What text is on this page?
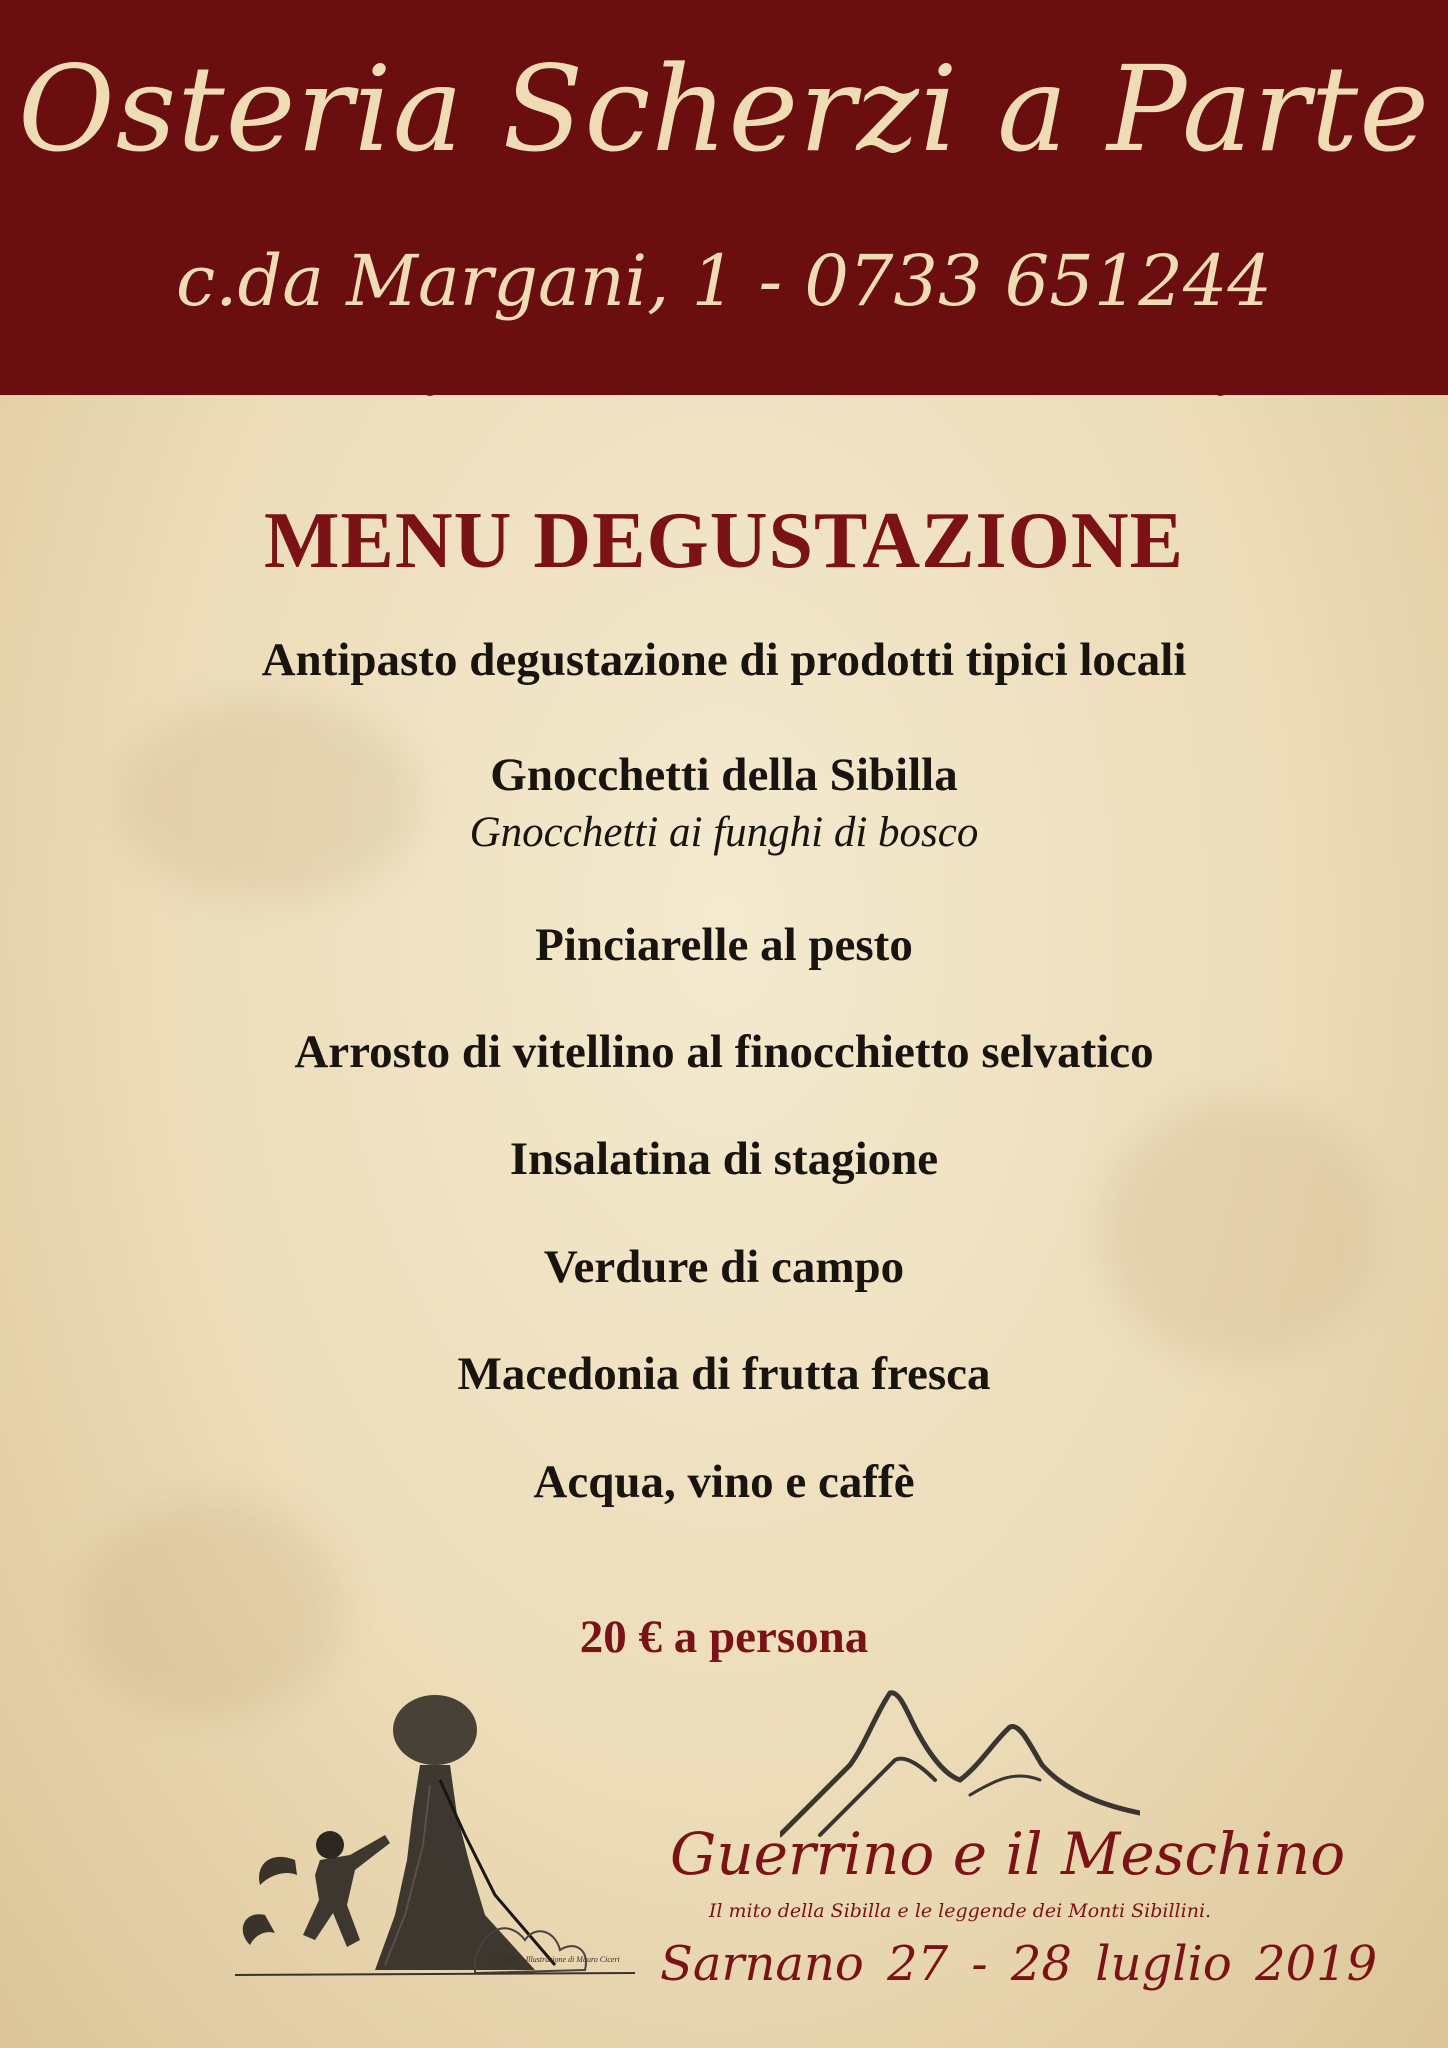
Osteria Scherzi a Parte
c.da Margani, 1 - 0733 651244
MENU DEGUSTAZIONE
Antipasto degustazione di prodotti tipici locali
Gnocchetti della Sibilla
Gnocchetti ai funghi di bosco
Pinciarelle al pesto
Arrosto di vitellino al finocchietto selvatico
Insalatina di stagione
Verdure di campo
Macedonia di frutta fresca
Acqua, vino e caffè
20 € a persona
© Sibilla - Illustrazione di Mauro Ciceri
Guerrino e il Meschino
Il mito della Sibilla e le leggende dei Monti Sibillini.
Sarnano 27 - 28 luglio 2019
